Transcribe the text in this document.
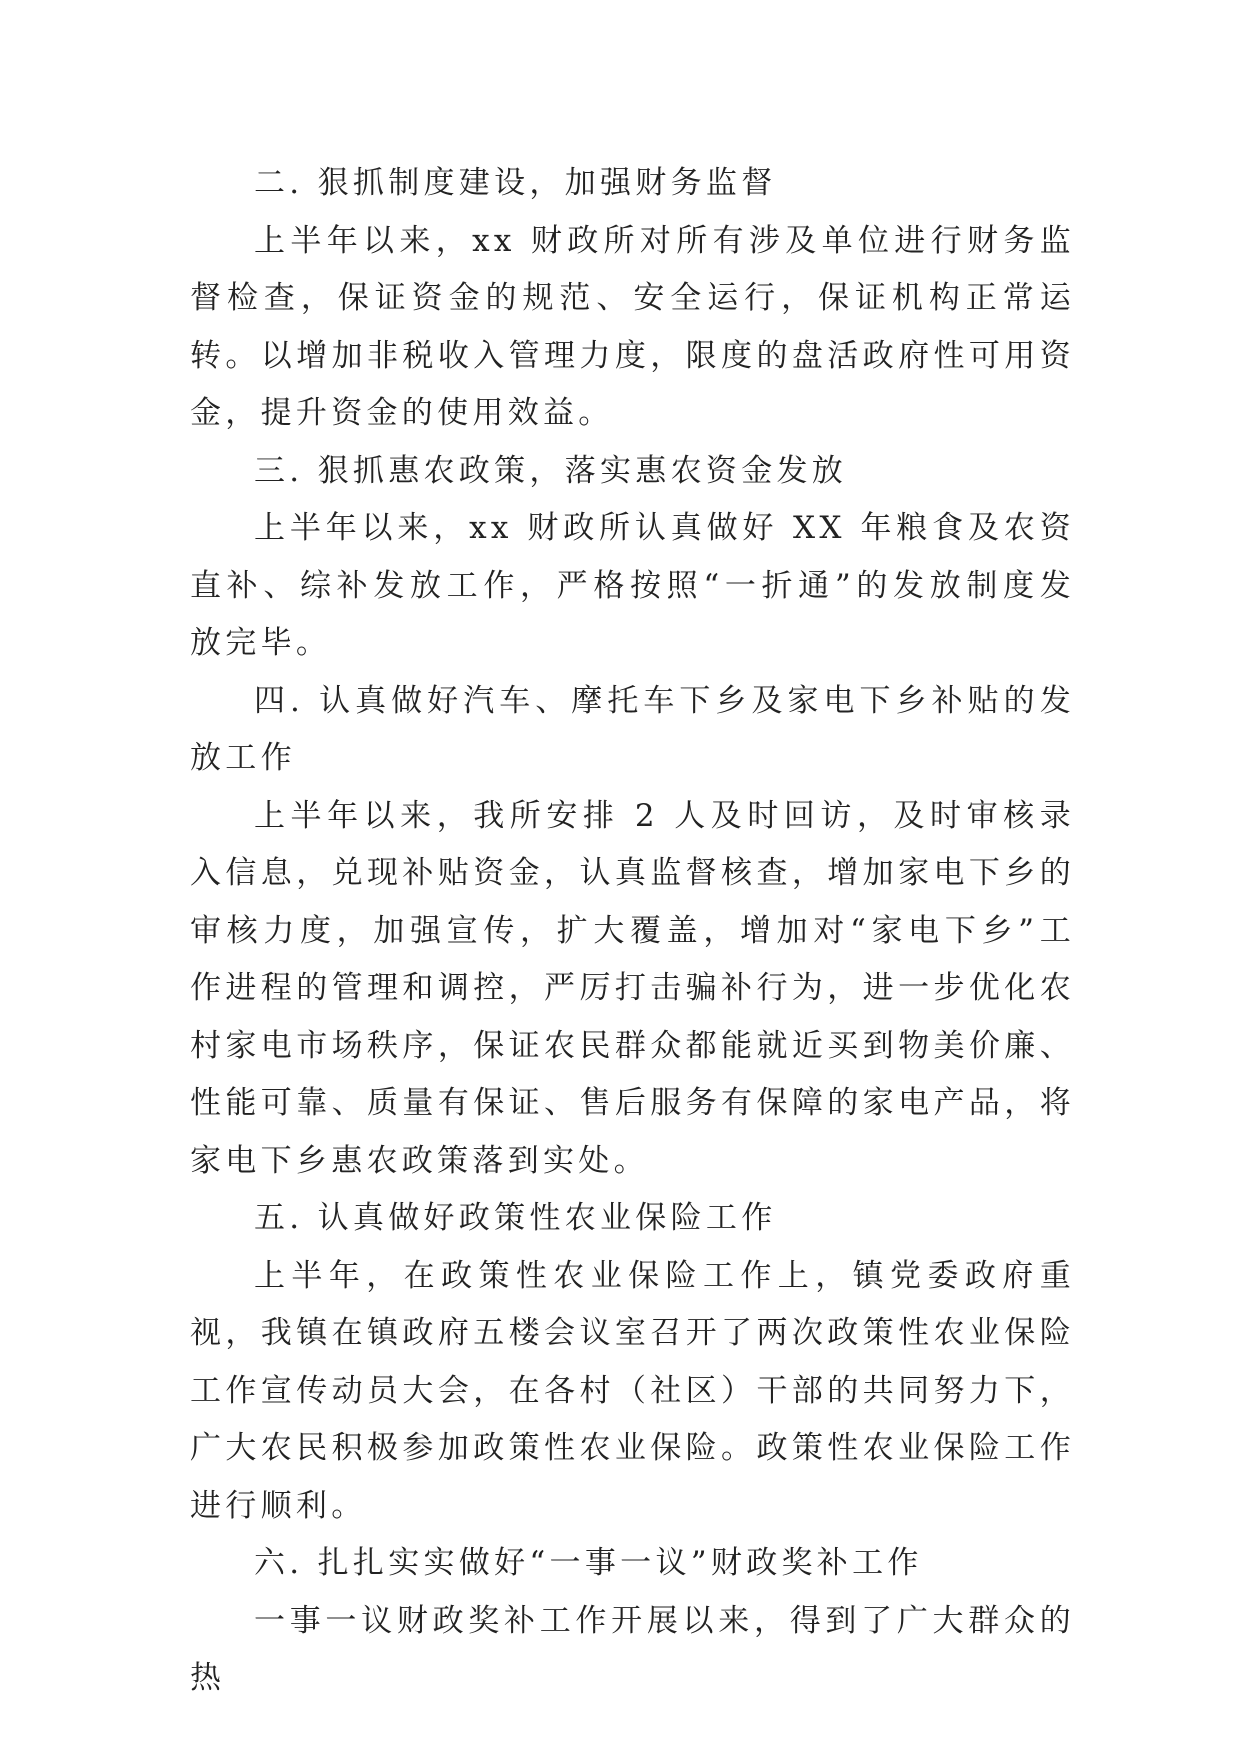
二. 狠抓制度建设，加强财务监督

上半年以来，xx 财政所对所有涉及单位进行财务监督检查，保证资金的规范、安全运行，保证机构正常运转。以增加非税收入管理力度，限度的盘活政府性可用资金，提升资金的使用效益。

三. 狠抓惠农政策，落实惠农资金发放

上半年以来，xx 财政所认真做好 XX 年粮食及农资直补、综补发放工作，严格按照“一折通”的发放制度发放完毕。

四. 认真做好汽车、摩托车下乡及家电下乡补贴的发放工作

上半年以来，我所安排 2 人及时回访，及时审核录入信息，兑现补贴资金，认真监督核查，增加家电下乡的审核力度，加强宣传，扩大覆盖，增加对“家电下乡”工作进程的管理和调控，严厉打击骗补行为，进一步优化农村家电市场秩序，保证农民群众都能就近买到物美价廉、性能可靠、质量有保证、售后服务有保障的家电产品，将家电下乡惠农政策落到实处。

五. 认真做好政策性农业保险工作

上半年，在政策性农业保险工作上，镇党委政府重视，我镇在镇政府五楼会议室召开了两次政策性农业保险工作宣传动员大会，在各村（社区）干部的共同努力下，广大农民积极参加政策性农业保险。政策性农业保险工作进行顺利。

六. 扎扎实实做好“一事一议”财政奖补工作

一事一议财政奖补工作开展以来，得到了广大群众的热
